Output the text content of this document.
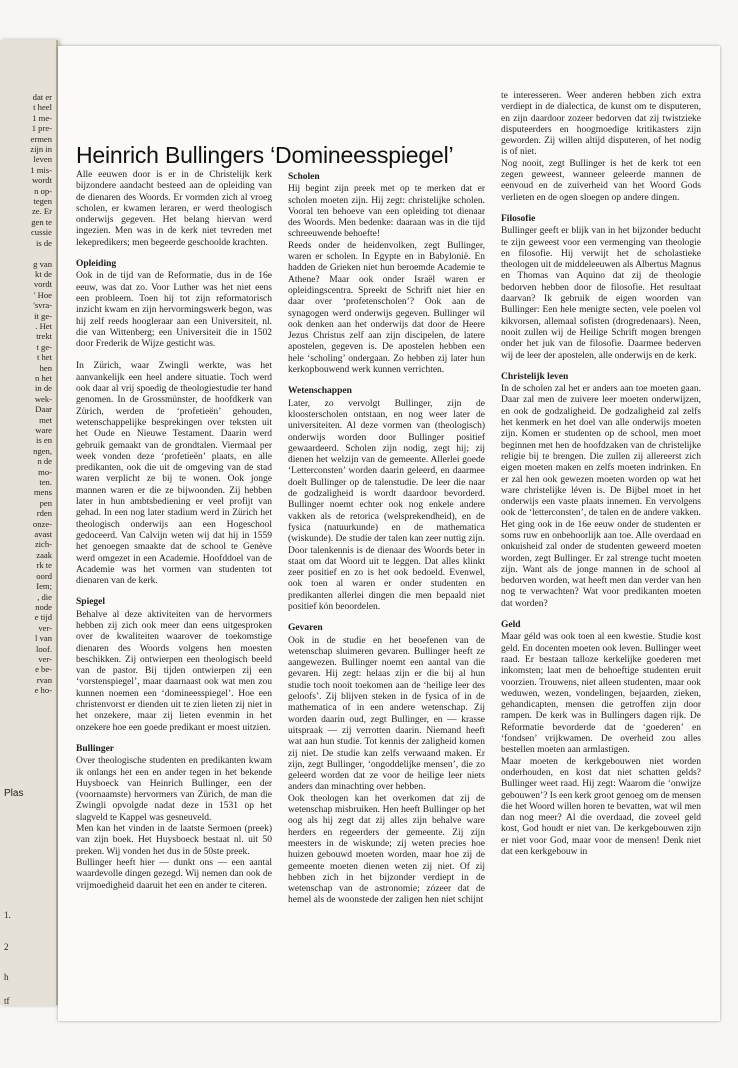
dat er
t heel
1 me-
1 pre-
ermen
zijn in
leven
1 mis-
wordt
n op-
tegen
ze. Er
gen te
cussie
is de

g van
kt de
vordt
' Hoe
'svra-
it ge-
. Het
trekt
t ge-
t het
hen
n het
in de
wek-
Daar
met
ware
is en
ngen,
n de
mo-
ten.
mens
pen
rden
onze-
avast
zich-
zaak
rk te
oord
Iem;
, die
node
e tijd
ver-
l van
loof.
ver-
e be-
rvan
e ho-
Plas
1.
2
h
tf
Heinrich Bullingers ‘Domineesspiegel’

Alle eeuwen door is er in de Christelijk kerk bijzondere aandacht besteed aan de opleiding van de dienaren des Woords. Er vormden zich al vroeg scholen, er kwamen leraren, er werd theologisch onderwijs gegeven. Het belang hiervan werd ingezien. Men was in de kerk niet tevreden met lekepredikers; men begeerde geschoolde krachten.

Opleiding

Ook in de tijd van de Reformatie, dus in de 16e eeuw, was dat zo. Voor Luther was het niet eens een probleem. Toen hij tot zijn reformatorisch inzicht kwam en zijn hervormingswerk begon, was hij zelf reeds hoogleraar aan een Universiteit, nl. die van Wittenberg; een Universiteit die in 1502 door Frederik de Wijze gesticht was.

In Zürich, waar Zwingli werkte, was het aanvankelijk een heel andere situatie. Toch werd ook daar al vrij spoedig de theologiestudie ter hand genomen. In de Grossmünster, de hoofdkerk van Zürich, werden de ‘profetieën’ gehouden, wetenschappelijke besprekingen over teksten uit het Oude en Nieuwe Testament. Daarin werd gebruik gemaakt van de grondtalen. Viermaal per week vonden deze ‘profetieën’ plaats, en alle predikanten, ook die uit de omgeving van de stad waren verplicht ze bij te wonen. Ook jonge mannen waren er die ze bijwoonden. Zij hebben later in hun ambtsbediening er veel profijt van gehad. In een nog later stadium werd in Zürich het theologisch onderwijs aan een Hogeschool gedoceerd. Van Calvijn weten wij dat hij in 1559 het genoegen smaakte dat de school te Genève werd omgezet in een Academie. Hoofddoel van de Academie was het vormen van studenten tot dienaren van de kerk.

Spiegel

Behalve al deze aktiviteiten van de hervormers hebben zij zich ook meer dan eens uitgesproken over de kwaliteiten waarover de toekomstige dienaren des Woords volgens hen moesten beschikken. Zij ontwierpen een theologisch beeld van de pastor. Bij tijden ontwierpen zij een ‘vorstenspiegel’, maar daarnaast ook wat men zou kunnen noemen een ‘domineesspiegel’. Hoe een christenvorst er dienden uit te zien lieten zij niet in het onzekere, maar zij lieten evenmin in het onzekere hoe een goede predikant er moest uitzien.

Bullinger

Over theologische studenten en predikanten kwam ik onlangs het een en ander tegen in het bekende Huysboeck van Heinrich Bullinger, een der (voornaamste) hervormers van Zürich, de man die Zwingli opvolgde nadat deze in 1531 op het slagveld te Kappel was gesneuveld.

Men kan het vinden in de laatste Sermoen (preek) van zijn boek. Het Huysboeck bestaat nl. uit 50 preken. Wij vonden het dus in de 50ste preek.

Bullinger heeft hier — dunkt ons — een aantal waardevolle dingen gezegd. Wij nemen dan ook de vrijmoedigheid daaruit het een en ander te citeren.

Scholen

Hij begint zijn preek met op te merken dat er scholen moeten zijn. Hij zegt: christelijke scholen. Vooral ten behoeve van een opleiding tot dienaar des Woords. Men bedenke: daaraan was in die tijd schreeuwende behoefte!

Reeds onder de heidenvolken, zegt Bullinger, waren er scholen. In Egypte en in Babylonië. En hadden de Grieken niet hun beroemde Academie te Athene? Maar ook onder Israël waren er opleidingscentra. Spreekt de Schrift niet hier en daar over ‘profetenscholen’? Ook aan de synagogen werd onderwijs gegeven. Bullinger wil ook denken aan het onderwijs dat door de Heere Jezus Christus zelf aan zijn discipelen, de latere apostelen, gegeven is. De apostelen hebben een hele ‘scholing’ ondergaan. Zo hebben zij later hun kerkopbouwend werk kunnen verrichten.

Wetenschappen

Later, zo vervolgt Bullinger, zijn de kloosterscholen ontstaan, en nog weer later de universiteiten. Al deze vormen van (theologisch) onderwijs worden door Bullinger positief gewaardeerd. Scholen zijn nodig, zegt hij; zij dienen het welzijn van de gemeente. Allerlei goede ‘Letterconsten’ worden daarin geleerd, en daarmee doelt Bullinger op de talenstudie. De leer die naar de godzaligheid is wordt daardoor bevorderd. Bullinger noemt echter ook nog enkele andere vakken als de retorica (welsprekendheid), en de fysica (natuurkunde) en de mathematica (wiskunde). De studie der talen kan zeer nuttig zijn. Door talenkennis is de dienaar des Woords beter in staat om dat Woord uit te leggen. Dat alles klinkt zeer positief en zo is het ook bedoeld. Evenwel, ook toen al waren er onder studenten en predikanten allerlei dingen die men bepaald niet positief kón beoordelen.

Gevaren

Ook in de studie en het beoefenen van de wetenschap sluimeren gevaren. Bullinger heeft ze aangewezen. Bullinger noemt een aantal van die gevaren. Hij zegt: helaas zijn er die bij al hun studie toch nooit toekomen aan de ‘heilige leer des geloofs’. Zij blijven steken in de fysica of in de mathematica of in een andere wetenschap. Zij worden daarin oud, zegt Bullinger, en — krasse uitspraak — zij verrotten daarin. Niemand heeft wat aan hun studie. Tot kennis der zaligheid komen zij niet. De studie kan zelfs verwaand maken. Er zijn, zegt Bullinger, ‘ongoddelijke mensen’, die zo geleerd worden dat ze voor de heilige leer niets anders dan minachting over hebben.

Ook theologen kan het overkomen dat zij de wetenschap misbruiken. Hen heeft Bullinger op het oog als hij zegt dat zij alles zijn behalve ware herders en regeerders der gemeente. Zij zijn meesters in de wiskunde; zij weten precies hoe huizen gebouwd moeten worden, maar hoe zij de gemeente moeten dienen weten zij niet. Of zij hebben zich in het bijzonder verdiept in de wetenschap van de astronomie; zózeer dat de hemel als de woonstede der zaligen hen niet schijnt

te interesseren. Weer anderen hebben zich extra verdiept in de dialectica, de kunst om te disputeren, en zijn daardoor zozeer bedorven dat zij twistzieke disputeerders en hoogmoedige kritikasters zijn geworden. Zij willen altijd disputeren, of het nodig is of niet.

Nog nooit, zegt Bullinger is het de kerk tot een zegen geweest, wanneer geleerde mannen de eenvoud en de zuiverheid van het Woord Gods verlieten en de ogen sloegen op andere dingen.

Filosofie

Bullinger geeft er blijk van in het bijzonder beducht te zijn geweest voor een vermenging van theologie en filosofie. Hij verwijt het de scholastieke theologen uit de middeleeuwen als Albertus Magnus en Thomas van Aquino dat zij de theologie bedorven hebben door de filosofie. Het resultaat daarvan? Ik gebruik de eigen woorden van Bullinger: Een hele menigte secten, vele poelen vol kikvorsen, allemaal sofisten (drogredenaars). Neen, nooit zullen wij de Heilige Schrift mogen brengen onder het juk van de filosofie. Daarmee bederven wij de leer der apostelen, alle onderwijs en de kerk.

Christelijk leven

In de scholen zal het er anders aan toe moeten gaan. Daar zal men de zuivere leer moeten onderwijzen, en ook de godzaligheid. De godzaligheid zal zelfs het kenmerk en het doel van alle onderwijs moeten zijn. Komen er studenten op de school, men moet beginnen met hen de hoofdzaken van de christelijke religie bij te brengen. Die zullen zij allereerst zich eigen moeten maken en zelfs moeten indrinken. En er zal hen ook gewezen moeten worden op wat het ware christelijke léven is. De Bijbel moet in het onderwijs een vaste plaats innemen. En vervolgens ook de ‘letterconsten’, de talen en de andere vakken.

Het ging ook in de 16e eeuw onder de studenten er soms ruw en onbehoorlijk aan toe. Alle overdaad en onkuisheid zal onder de studenten geweerd moeten worden, zegt Bullinger. Er zal strenge tucht moeten zijn. Want als de jonge mannen in de school al bedorven worden, wat heeft men dan verder van hen nog te verwachten? Wat voor predikanten moeten dat worden?

Geld

Maar géld was ook toen al een kwestie. Studie kost geld. En docenten moeten ook leven. Bullinger weet raad. Er bestaan talloze kerkelijke goederen met inkomsten; laat men de behoeftige studenten eruit voorzien. Trouwens, niet alleen studenten, maar ook weduwen, wezen, vondelingen, bejaarden, zieken, gehandicapten, mensen die getroffen zijn door rampen. De kerk was in Bullingers dagen rijk. De Reformatie bevorderde dat de ‘goederen’ en ‘fondsen’ vrijkwamen. De overheid zou alles bestellen moeten aan armlastigen.

Maar moeten de kerkgebouwen niet worden onderhouden, en kost dat niet schatten gelds? Bullinger weet raad. Hij zegt: Waarom die ‘onwijze gebouwen’? Is een kerk groot genoeg om de mensen die het Woord willen horen te bevatten, wat wil men dan nog meer? Al die overdaad, die zoveel geld kost, God houdt er niet van. De kerkgebouwen zijn er niet voor God, maar voor de mensen! Denk niet dat een kerkgebouw in
